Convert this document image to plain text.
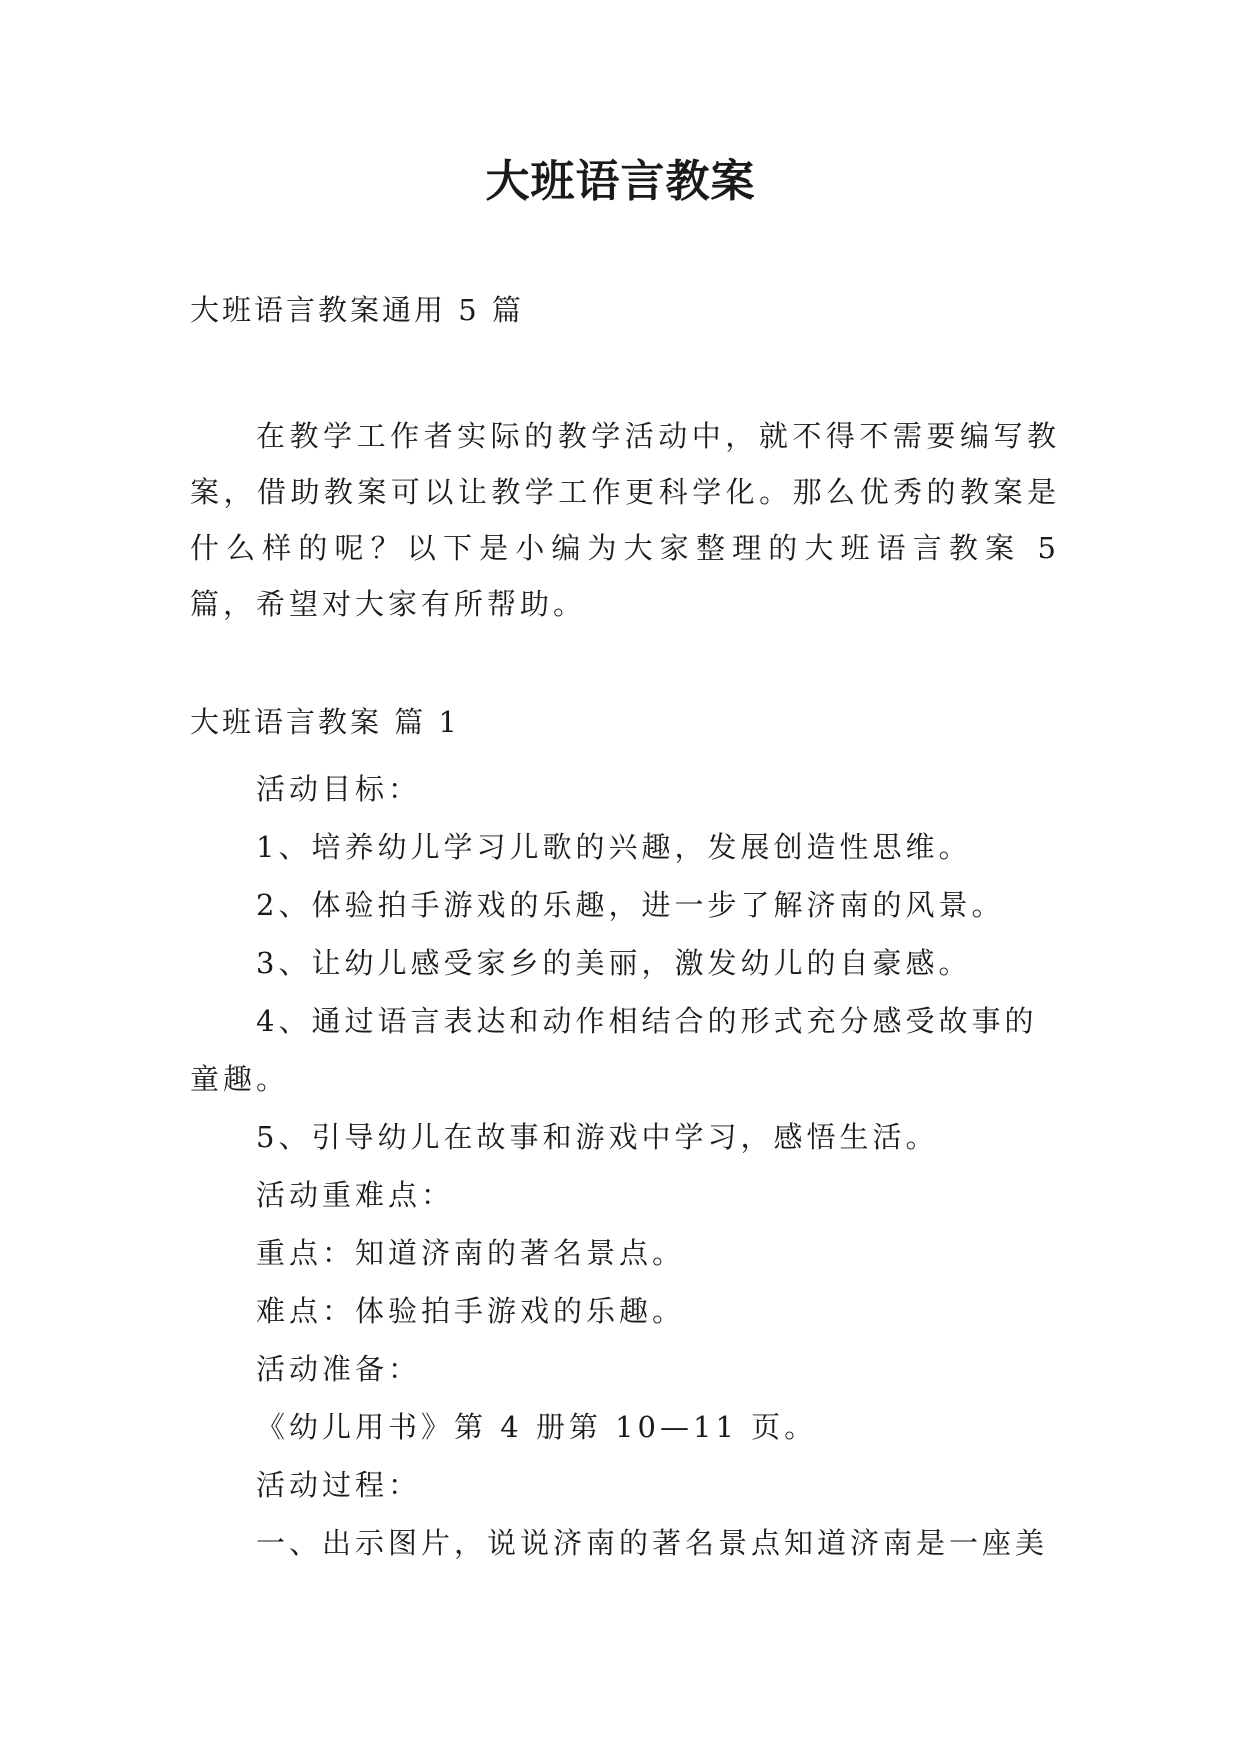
大班语言教案
大班语言教案通用 5 篇
在教学工作者实际的教学活动中，就不得不需要编写教案，借助教案可以让教学工作更科学化。那么优秀的教案是什么样的呢？以下是小编为大家整理的大班语言教案 5 篇，希望对大家有所帮助。
大班语言教案 篇 1
活动目标：
1、培养幼儿学习儿歌的兴趣，发展创造性思维。
2、体验拍手游戏的乐趣，进一步了解济南的风景。
3、让幼儿感受家乡的美丽，激发幼儿的自豪感。
4、通过语言表达和动作相结合的形式充分感受故事的
童趣。
5、引导幼儿在故事和游戏中学习，感悟生活。
活动重难点：
重点：知道济南的著名景点。
难点：体验拍手游戏的乐趣。
活动准备：
《幼儿用书》第 4 册第 10—11 页。
活动过程：
一、出示图片，说说济南的著名景点知道济南是一座美
